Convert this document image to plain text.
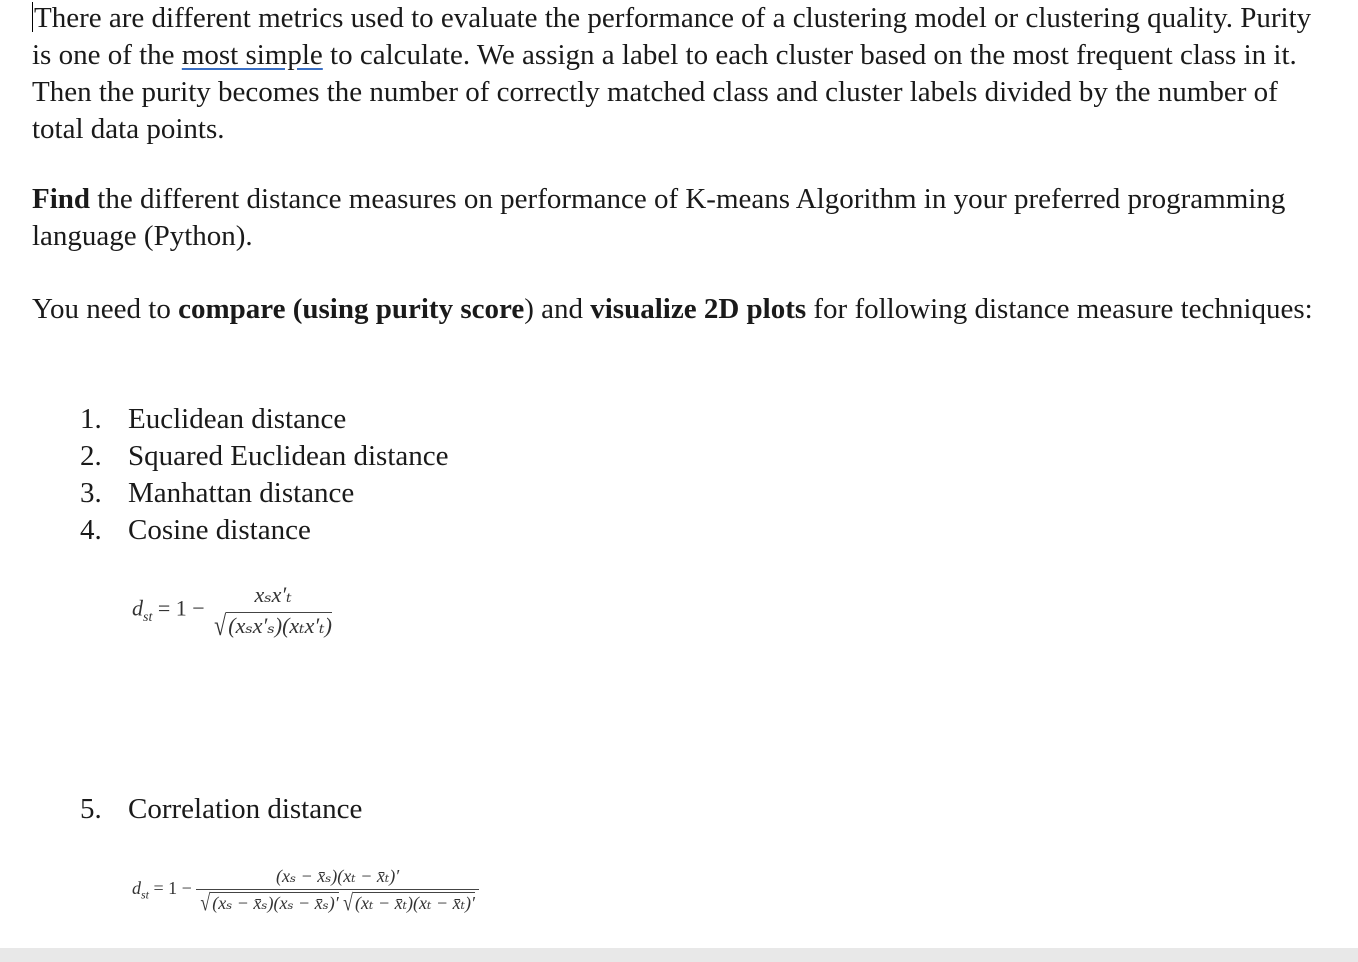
There are different metrics used to evaluate the performance of a clustering model or clustering quality. Purity is one of the most simple to calculate. We assign a label to each cluster based on the most frequent class in it. Then the purity becomes the number of correctly matched class and cluster labels divided by the number of total data points.

Find the different distance measures on performance of K-means Algorithm in your preferred programming language (Python).

You need to compare (using purity score) and visualize 2D plots for following distance measure techniques:

1. Euclidean distance
2. Squared Euclidean distance
3. Manhattan distance
4. Cosine distance
$d_{st} = 1$ −
xₛx′ₜ
√(xₛx′ₛ)(xₜx′ₜ)
5. Correlation distance
$d_{st} = 1 - \frac{\text{(xₛ − x̄ₛ)(xₜ − x̄ₜ)′}}{\text{√ (xₛ − x̄ₛ)(xₛ − x̄ₛ)′ √ (xₜ − x̄ₜ)(xₜ − x̄ₜ)′}}$
